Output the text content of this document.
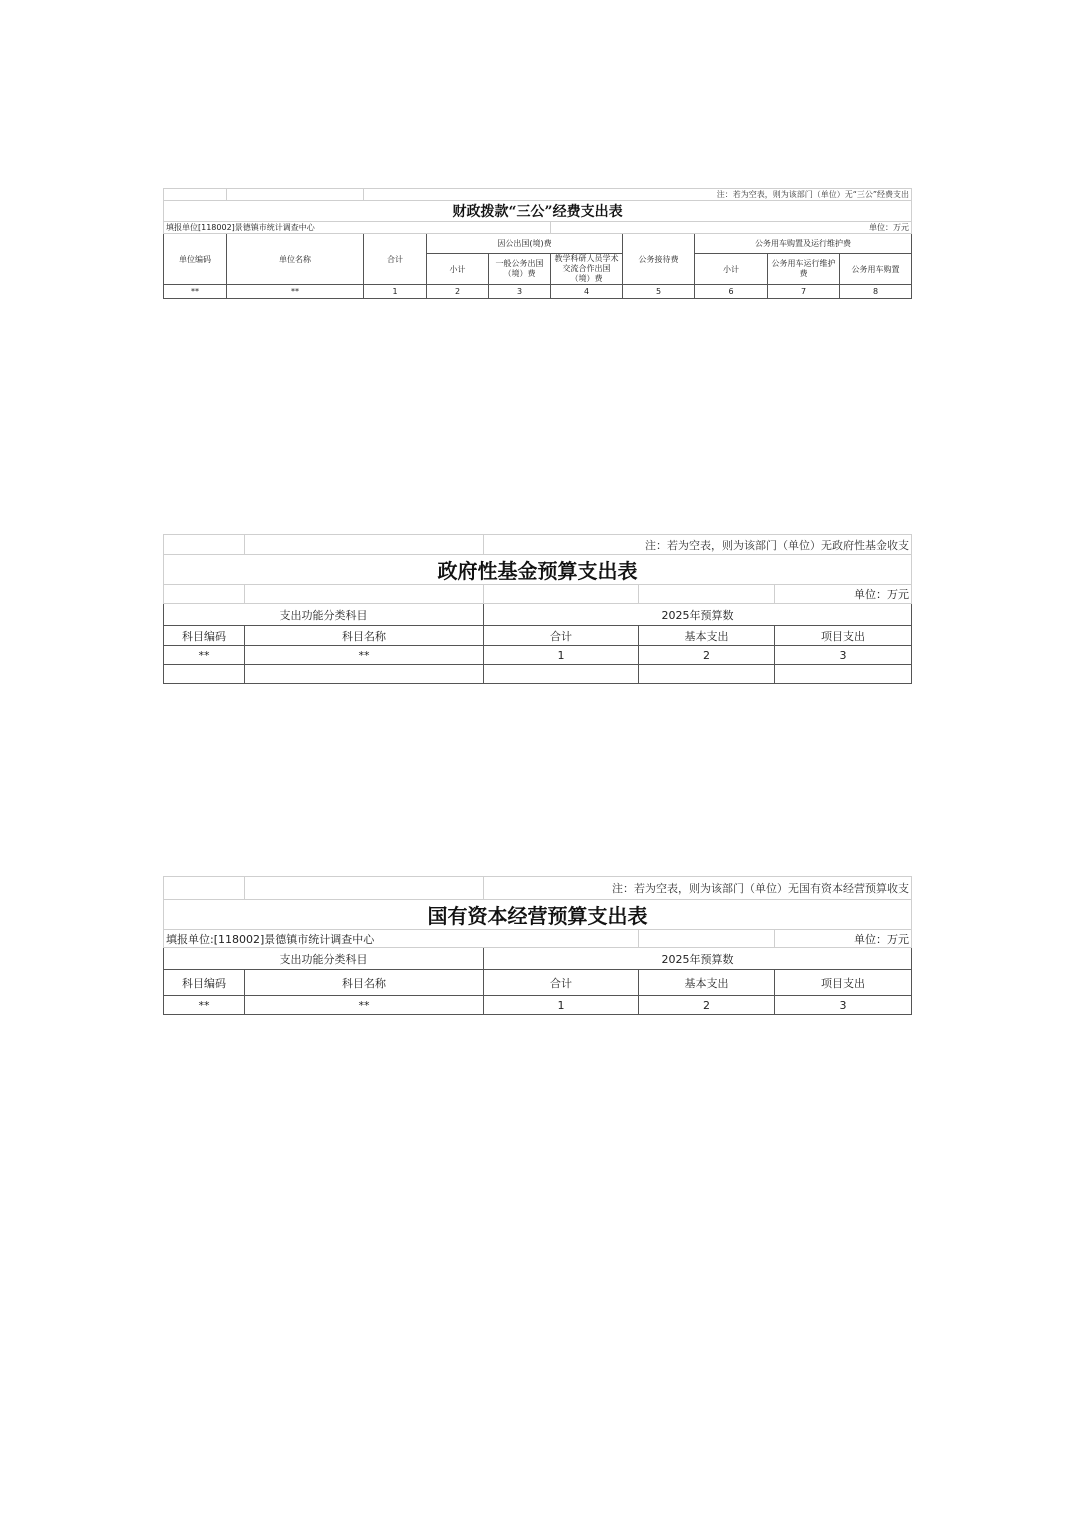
		注：若为空表，则为该部门（单位）无“三公”经费支出							
财政拨款“三公”经费支出表									
填报单位[118002]景德镇市统计调查中心					单位：万元				
单位编码	单位名称	合计	因公出国(境)费			公务接待费	公务用车购置及运行维护费		
			小计	一般公务出国（境）费	教学科研人员学术交流合作出国（境）费		小计	公务用车运行维护费	公务用车购置
**	**	1	2	3	4	5	6	7	8
		注：若为空表，则为该部门（单位）无政府性基金收支		
政府性基金预算支出表				
				单位：万元
支出功能分类科目		2025年预算数		
科目编码	科目名称	合计	基本支出	项目支出
**	**	1	2	3

		注：若为空表，则为该部门（单位）无国有资本经营预算收支		
国有资本经营预算支出表				
填报单位:[118002]景德镇市统计调查中心				单位：万元
支出功能分类科目		2025年预算数		
科目编码	科目名称	合计	基本支出	项目支出
**	**	1	2	3
